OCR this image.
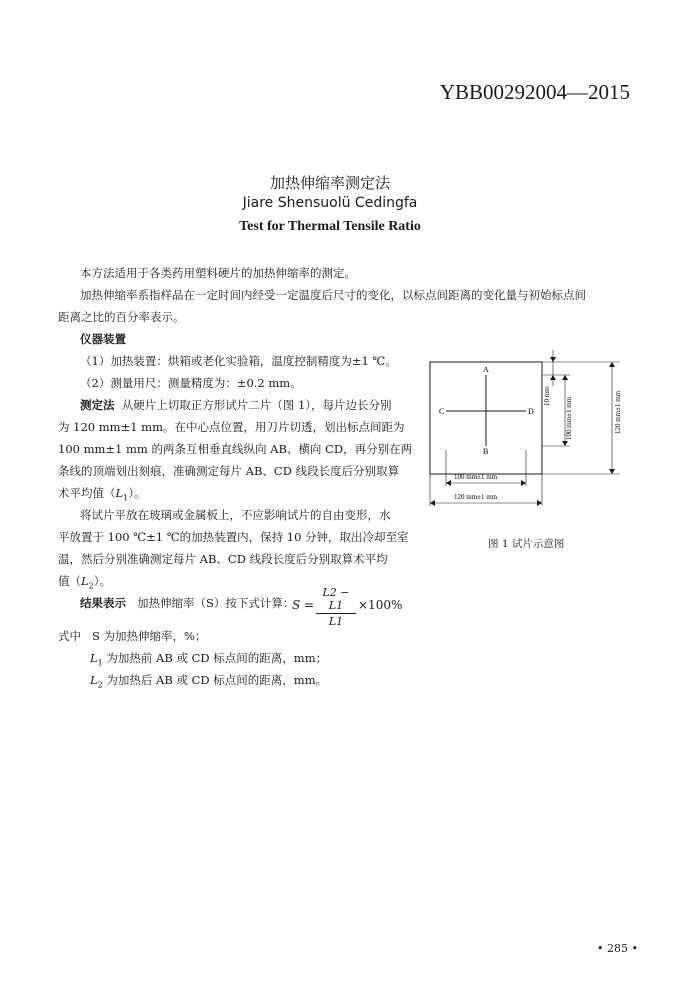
YBB00292004—2015
加热伸缩率测定法
Jiare Shensuolü Cedingfa
Test for Thermal Tensile Ratio
本方法适用于各类药用塑料硬片的加热伸缩率的测定。
加热伸缩率系指样品在一定时间内经受一定温度后尺寸的变化，以标点间距离的变化量与初始标点间
距离之比的百分率表示。
仪器装置
（1）加热装置：烘箱或老化实验箱，温度控制精度为±1 ℃。
（2）测量用尺：测量精度为：±0.2 mm。
测定法 从硬片上切取正方形试片二片（图 1），每片边长分别
为 120 mm±1 mm。在中心点位置，用刀片切透，划出标点间距为
100 mm±1 mm 的两条互相垂直线纵向 AB、横向 CD，再分别在两
条线的顶端划出刻痕，准确测定每片 AB、CD 线段长度后分别取算
术平均值$(L_1)$。
将试片平放在玻璃或金属板上，不应影响试片的自由变形，水
平放置于 100 ℃±1 ℃的加热装置内，保持 10 分钟，取出冷却至室
温，然后分别准确测定每片 AB、CD 线段长度后分别取算术平均
值$(L_2)$。
结果表示 加热伸缩率（S）按下式计算：
$S = \frac{L2 - L1}{L1} \times 100\%$
式中 S 为加热伸缩率，%；
$L_1$ 为加热前 AB 或 CD 标点间的距离，mm；
$L_2$ 为加热后 AB 或 CD 标点间的距离，mm。
A
B
C	D
10 mm
100 mm±1 mm	120 mm±1 mm
100 mm±1 mm
120 mm±1 mm
图 1 试片示意图
• 285 •
